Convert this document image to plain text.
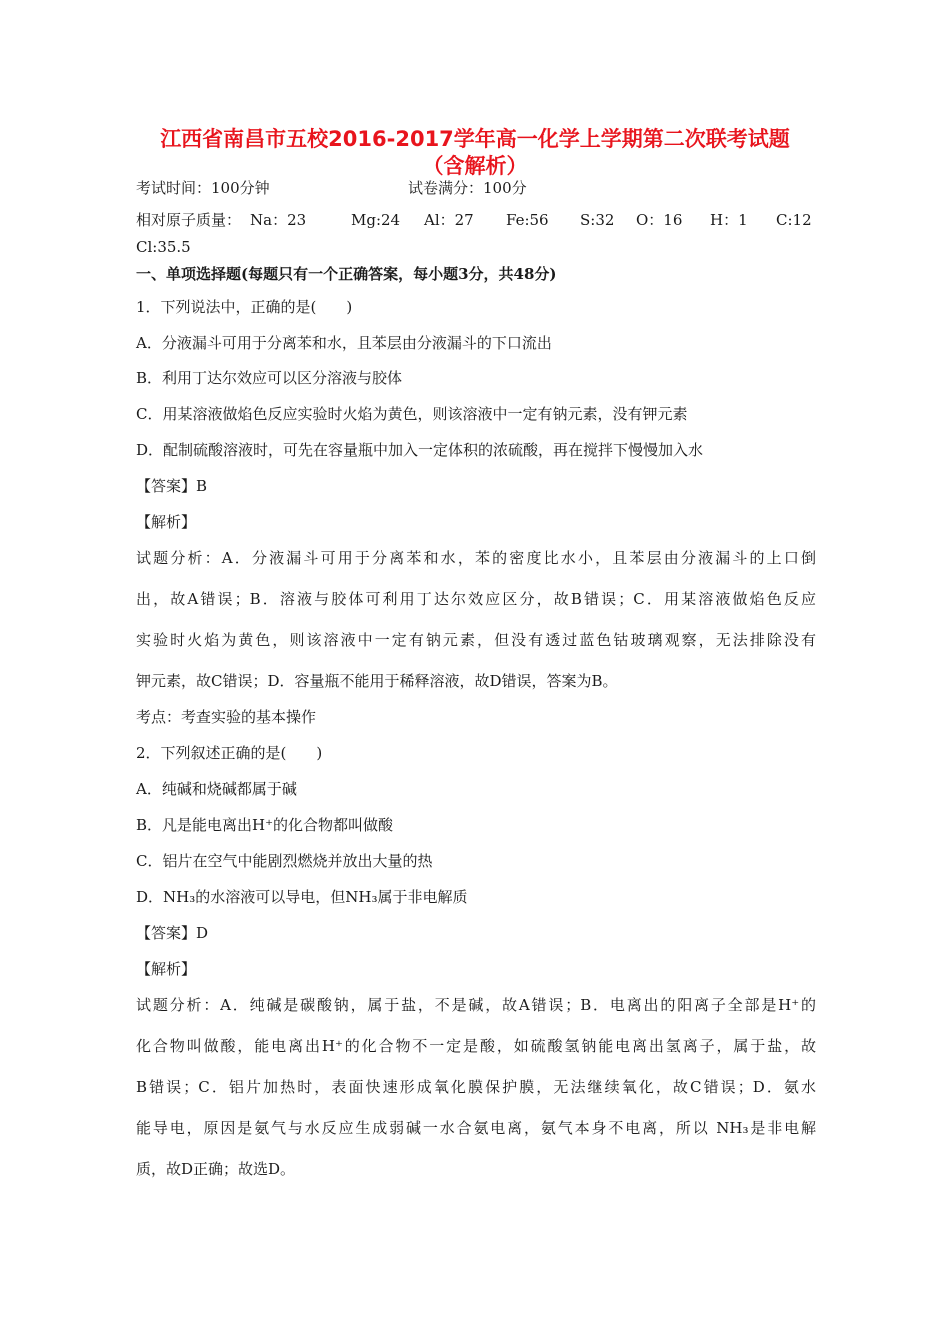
江西省南昌市五校2016-2017学年高一化学上学期第二次联考试题
（含解析）
考试时间：100分钟	试卷满分：100分
相对原子质量： Na：23	Mg:24 Al：27 Fe:56 S:32 O：16 H：1 C:12
Cl:35.5
一、单项选择题(每题只有一个正确答案，每小题3分，共48分)
1．下列说法中，正确的是(　　)
A．分液漏斗可用于分离苯和水，且苯层由分液漏斗的下口流出
B．利用丁达尔效应可以区分溶液与胶体
C．用某溶液做焰色反应实验时火焰为黄色，则该溶液中一定有钠元素，没有钾元素
D．配制硫酸溶液时，可先在容量瓶中加入一定体积的浓硫酸，再在搅拌下慢慢加入水
【答案】B
【解析】
试题分析：A．分液漏斗可用于分离苯和水，苯的密度比水小，且苯层由分液漏斗的上口倒
出，故A错误；B．溶液与胶体可利用丁达尔效应区分，故B错误；C．用某溶液做焰色反应
实验时火焰为黄色，则该溶液中一定有钠元素，但没有透过蓝色钴玻璃观察，无法排除没有
钾元素，故C错误；D．容量瓶不能用于稀释溶液，故D错误，答案为B。
考点：考查实验的基本操作
2．下列叙述正确的是(　　)
A．纯碱和烧碱都属于碱
B．凡是能电离出H⁺的化合物都叫做酸
C．铝片在空气中能剧烈燃烧并放出大量的热
D．NH₃的水溶液可以导电，但NH₃属于非电解质
【答案】D
【解析】
试题分析：A．纯碱是碳酸钠，属于盐，不是碱，故A错误；B．电离出的阳离子全部是H⁺的
化合物叫做酸，能电离出H⁺的化合物不一定是酸，如硫酸氢钠能电离出氢离子，属于盐，故
B错误；C．铝片加热时，表面快速形成氧化膜保护膜，无法继续氧化，故C错误；D．氨水
能导电，原因是氨气与水反应生成弱碱一水合氨电离，氨气本身不电离，所以 NH₃是非电解
质，故D正确；故选D。
